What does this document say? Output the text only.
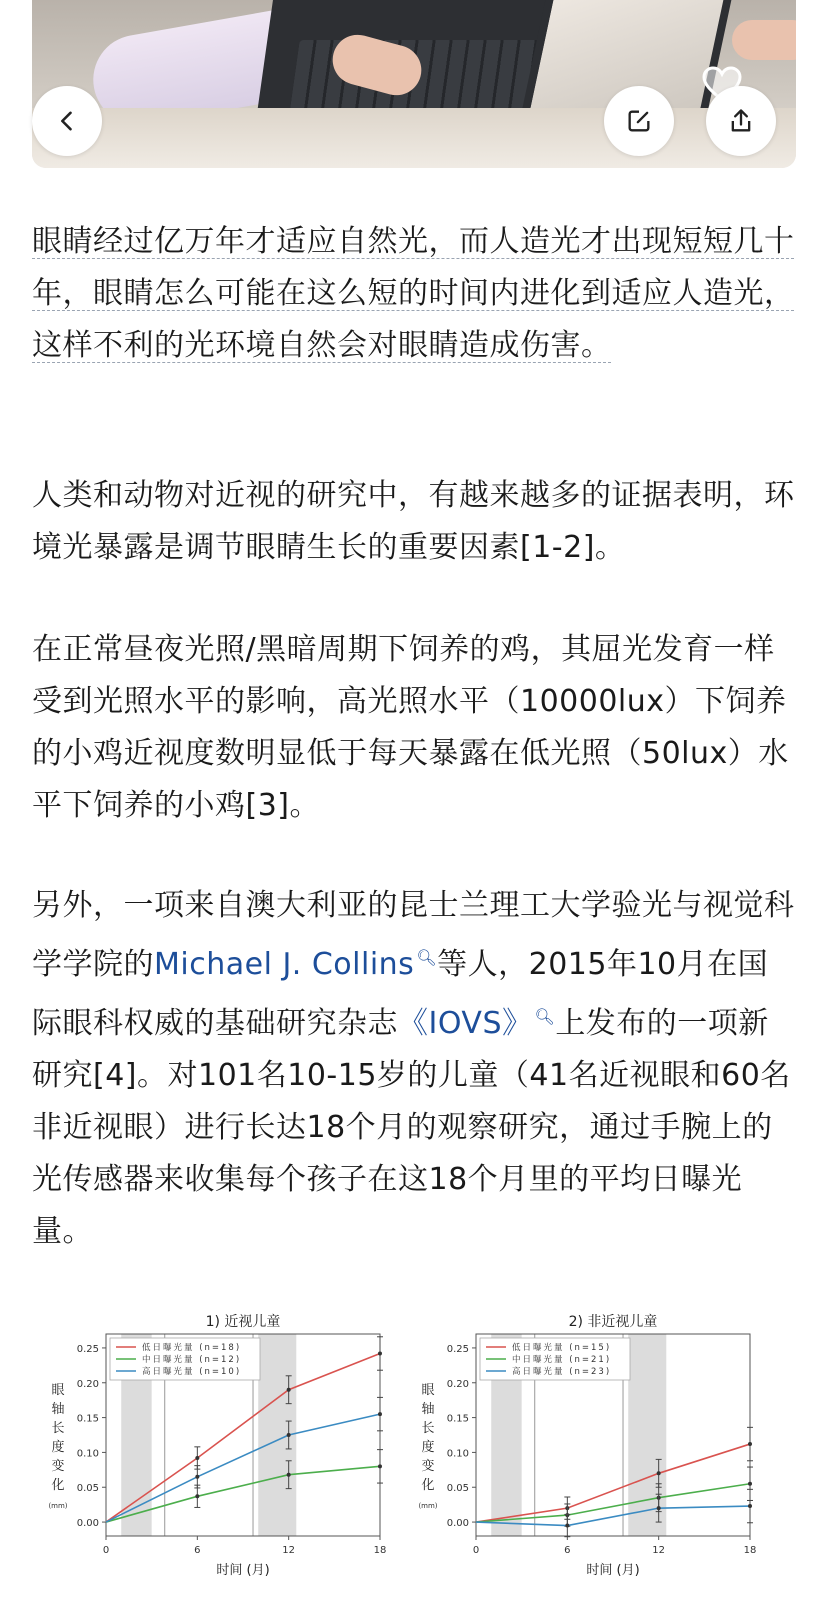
眼睛经过亿万年才适应自然光，而人造光才出现短短几十年，眼睛怎么可能在这么短的时间内进化到适应人造光，这样不利的光环境自然会对眼睛造成伤害。

人类和动物对近视的研究中，有越来越多的证据表明，环境光暴露是调节眼睛生长的重要因素[1-2]。

在正常昼夜光照/黑暗周期下饲养的鸡，其屈光发育一样受到光照水平的影响，高光照水平（10000lux）下饲养的小鸡近视度数明显低于每天暴露在低光照（50lux）水平下饲养的小鸡[3]。

另外，一项来自澳大利亚的昆士兰理工大学验光与视觉科学学院的Michael J. Collins 🔍︎等人，2015年10月在国际眼科权威的基础研究杂志《IOVS》 🔍︎上发布的一项新研究[4]。对101名10-15岁的儿童（41名近视眼和60名非近视眼）进行长达18个月的观察研究，通过手腕上的光传感器来收集每个孩子在这18个月里的平均日曝光量。

1) 近视儿童
0.00
0.05
0.10
0.15
0.20
0.25
0	6	12	18
时间 (月)
眼
轴
长
度
变
化
(mm)
低日曝光量 (n=18)
中日曝光量 (n=12)
高日曝光量 (n=10)
2) 非近视儿童
0.00
0.05
0.10
0.15
0.20
0.25
0	6	12	18
时间 (月)
眼
轴
长
度
变
化
(mm)
低日曝光量 (n=15)
中日曝光量 (n=21)
高日曝光量 (n=23)
